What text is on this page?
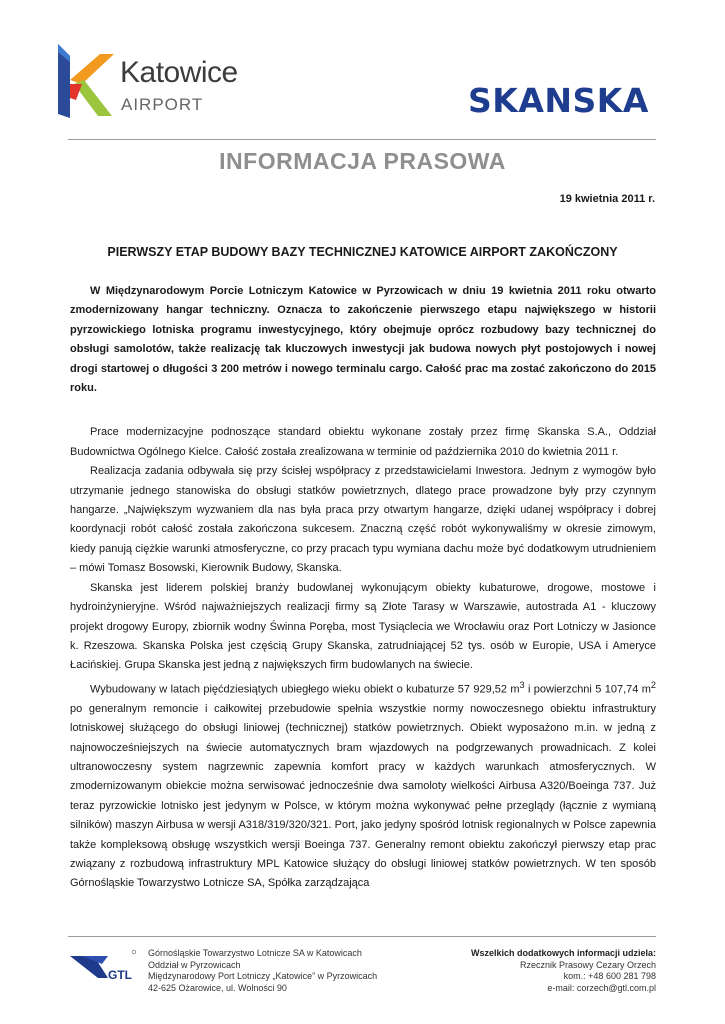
Katowice
AIRPORT	SKANSKA
INFORMACJA PRASOWA
19 kwietnia 2011 r.
PIERWSZY ETAP BUDOWY BAZY TECHNICZNEJ KATOWICE AIRPORT ZAKOŃCZONY

W Międzynarodowym Porcie Lotniczym Katowice w Pyrzowicach w dniu 19 kwietnia 2011 roku otwarto zmodernizowany hangar techniczny. Oznacza to zakończenie pierwszego etapu największego w historii pyrzowickiego lotniska programu inwestycyjnego, który obejmuje oprócz rozbudowy bazy technicznej do obsługi samolotów, także realizację tak kluczowych inwestycji jak budowa nowych płyt postojowych i nowej drogi startowej o długości 3 200 metrów i nowego terminalu cargo. Całość prac ma zostać zakończono do 2015 roku.

Prace modernizacyjne podnoszące standard obiektu wykonane zostały przez firmę Skanska S.A., Oddział Budownictwa Ogólnego Kielce. Całość została zrealizowana w terminie od października 2010 do kwietnia 2011 r.

Realizacja zadania odbywała się przy ścisłej współpracy z przedstawicielami Inwestora. Jednym z wymogów było utrzymanie jednego stanowiska do obsługi statków powietrznych, dlatego prace prowadzone były przy czynnym hangarze. „Największym wyzwaniem dla nas była praca przy otwartym hangarze, dzięki udanej współpracy i dobrej koordynacji robót całość została zakończona sukcesem. Znaczną część robót wykonywaliśmy w okresie zimowym, kiedy panują ciężkie warunki atmosferyczne, co przy pracach typu wymiana dachu może być dodatkowym utrudnieniem – mówi Tomasz Bosowski, Kierownik Budowy, Skanska.

Skanska jest liderem polskiej branży budowlanej wykonującym obiekty kubaturowe, drogowe, mostowe i hydroinżynieryjne. Wśród najważniejszych realizacji firmy są Złote Tarasy w Warszawie, autostrada A1 - kluczowy projekt drogowy Europy, zbiornik wodny Świnna Poręba, most Tysiąclecia we Wrocławiu oraz Port Lotniczy w Jasionce k. Rzeszowa. Skanska Polska jest częścią Grupy Skanska, zatrudniającej 52 tys. osób w Europie, USA i Ameryce Łacińskiej. Grupa Skanska jest jedną z największych firm budowlanych na świecie.

Wybudowany w latach pięćdziesiątych ubiegłego wieku obiekt o kubaturze 57 929,52 $m^3$ i powierzchni 5 107,74 $m^2$ po generalnym remoncie i całkowitej przebudowie spełnia wszystkie normy nowoczesnego obiektu infrastruktury lotniskowej służącego do obsługi liniowej (technicznej) statków powietrznych. Obiekt wyposażono m.in. w jedną z najnowocześniejszych na świecie automatycznych bram wjazdowych na podgrzewanych prowadnicach. Z kolei ultranowoczesny system nagrzewnic zapewnia komfort pracy w każdych warunkach atmosferycznych. W zmodernizowanym obiekcie można serwisować jednocześnie dwa samoloty wielkości Airbusa A320/Boeinga 737. Już teraz pyrzowickie lotnisko jest jedynym w Polsce, w którym można wykonywać pełne przeglądy (łącznie z wymianą silników) maszyn Airbusa w wersji A318/319/320/321. Port, jako jedyny spośród lotnisk regionalnych w Polsce zapewnia także kompleksową obsługę wszystkich wersji Boeinga 737. Generalny remont obiektu zakończył pierwszy etap prac związany z rozbudową infrastruktury MPL Katowice służący do obsługi liniowej statków powietrznych. W ten sposób Górnośląskie Towarzystwo Lotnicze SA, Spółka zarządzająca

GTL
Górnośląskie Towarzystwo Lotnicze SA w Katowicach
Oddział w Pyrzowicach
Międzynarodowy Port Lotniczy „Katowice” w Pyrzowicach
42-625 Ożarowice, ul. Wolności 90
Wszelkich dodatkowych informacji udziela:
Rzecznik Prasowy Cezary Orzech
kom.: +48 600 281 798
e-mail: corzech@gtl.com.pl
